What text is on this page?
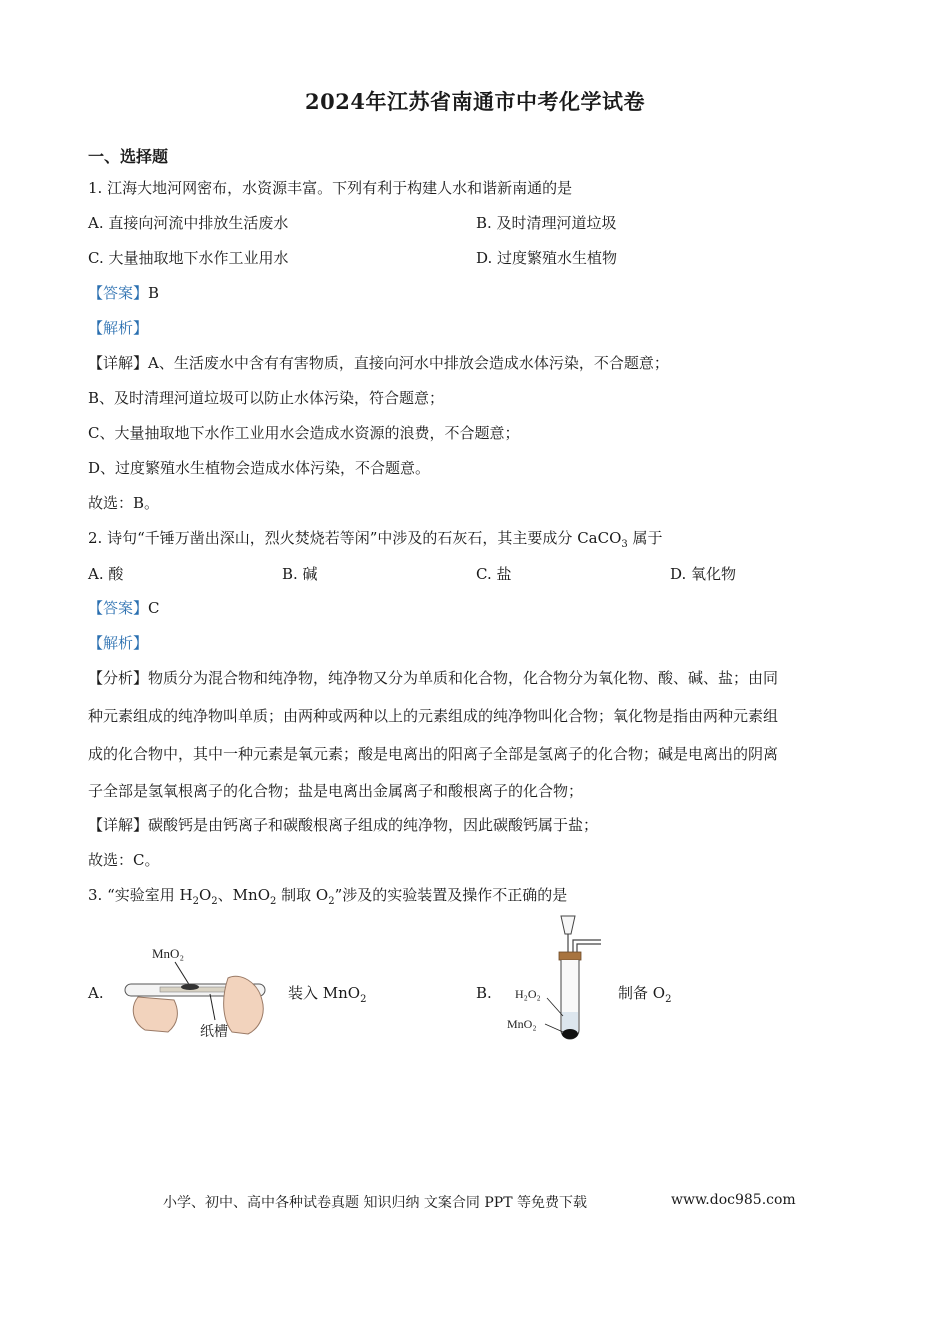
2024年江苏省南通市中考化学试卷
一、选择题
1. 江海大地河网密布，水资源丰富。下列有利于构建人水和谐新南通的是
A. 直接向河流中排放生活废水	B. 及时清理河道垃圾
C. 大量抽取地下水作工业用水	D. 过度繁殖水生植物
【答案】B
【解析】
【详解】A、生活废水中含有有害物质，直接向河水中排放会造成水体污染，不合题意；
B、及时清理河道垃圾可以防止水体污染，符合题意；
C、大量抽取地下水作工业用水会造成水资源的浪费，不合题意；
D、过度繁殖水生植物会造成水体污染，不合题意。
故选：B。
2. 诗句“千锤万凿出深山，烈火焚烧若等闲”中涉及的石灰石，其主要成分 CaCO$_3$ 属于
A. 酸	B. 碱	C. 盐	D. 氧化物
【答案】C
【解析】
【分析】物质分为混合物和纯净物，纯净物又分为单质和化合物，化合物分为氧化物、酸、碱、盐；由同
种元素组成的纯净物叫单质；由两种或两种以上的元素组成的纯净物叫化合物；氧化物是指由两种元素组
成的化合物中，其中一种元素是氧元素；酸是电离出的阳离子全部是氢离子的化合物；碱是电离出的阴离
子全部是氢氧根离子的化合物；盐是电离出金属离子和酸根离子的化合物；
【详解】碳酸钙是由钙离子和碳酸根离子组成的纯净物，因此碳酸钙属于盐；
故选：C。
3. “实验室用 $H_2O_2$、MnO$_2$ 制取 $O_2$”涉及的实验装置及操作不正确的是
A.
MnO₂
纸槽
装入 MnO$_2$	B. H₂O₂
MnO₂
制备 $O_2$
小学、初中、高中各种试卷真题 知识归纳 文案合同 PPT 等免费下载	www.doc985.com
